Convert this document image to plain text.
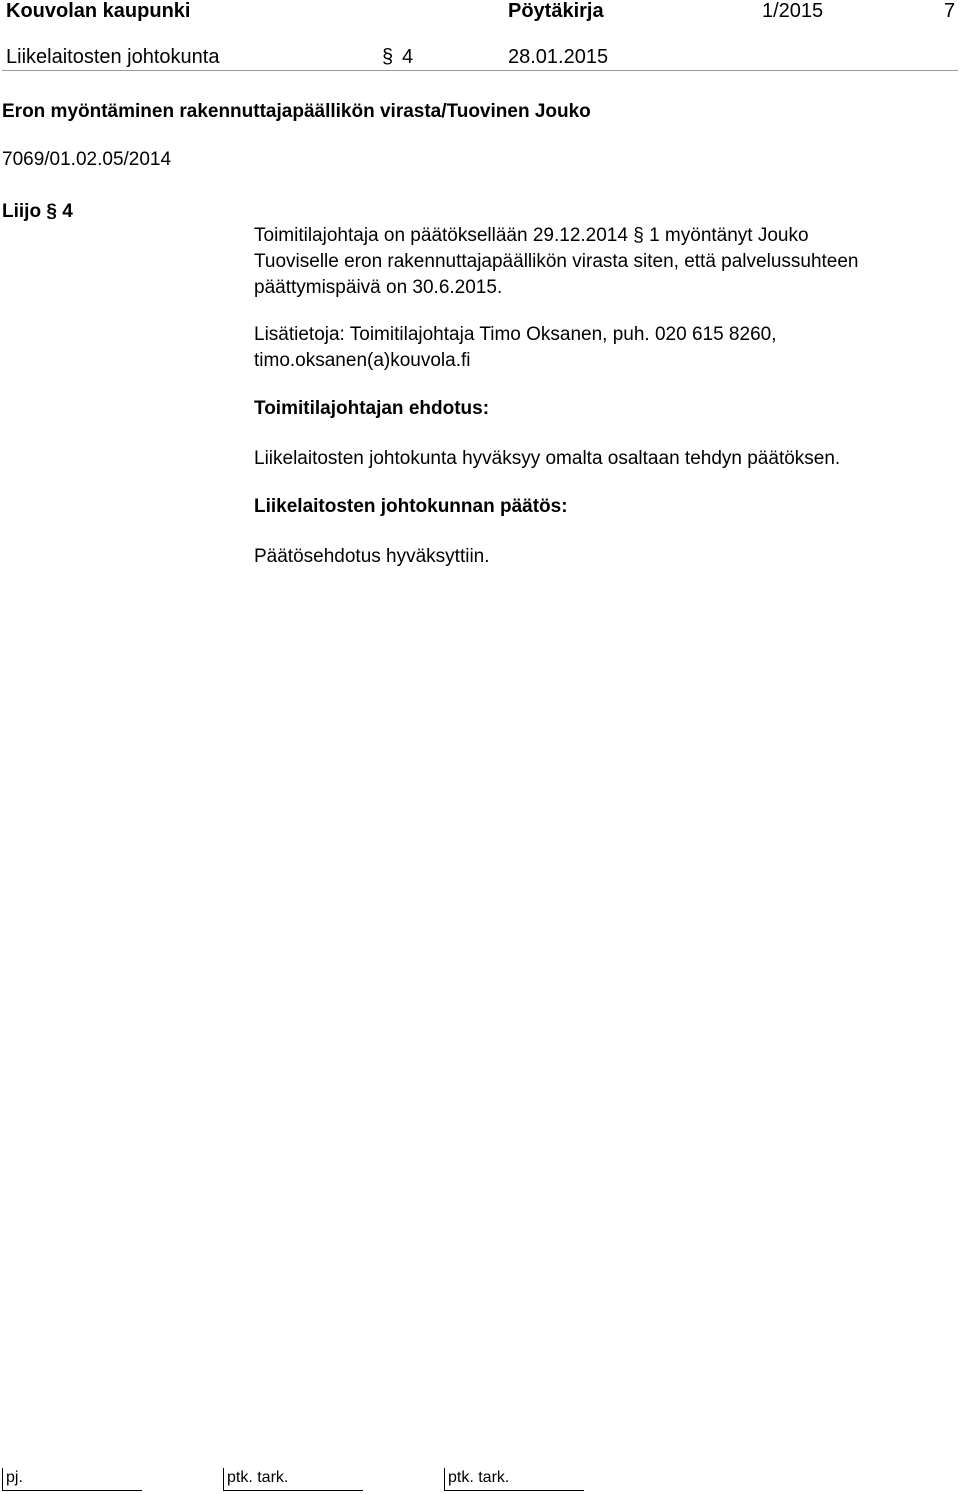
Kouvolan kaupunki	Pöytäkirja	1/2015	7
Liikelaitosten johtokunta	§ 4	28.01.2015
Eron myöntäminen rakennuttajapäällikön virasta/Tuovinen Jouko
7069/01.02.05/2014
Liijo § 4
Toimitilajohtaja on päätöksellään 29.12.2014 § 1 myöntänyt Jouko
Tuoviselle eron rakennuttajapäällikön virasta siten, että palvelussuhteen
päättymispäivä on 30.6.2015.
Lisätietoja: Toimitilajohtaja Timo Oksanen, puh. 020 615 8260,
timo.oksanen(a)kouvola.fi
Toimitilajohtajan ehdotus:
Liikelaitosten johtokunta hyväksyy omalta osaltaan tehdyn päätöksen.
Liikelaitosten johtokunnan päätös:
Päätösehdotus hyväksyttiin.
pj.	ptk. tark.	ptk. tark.
